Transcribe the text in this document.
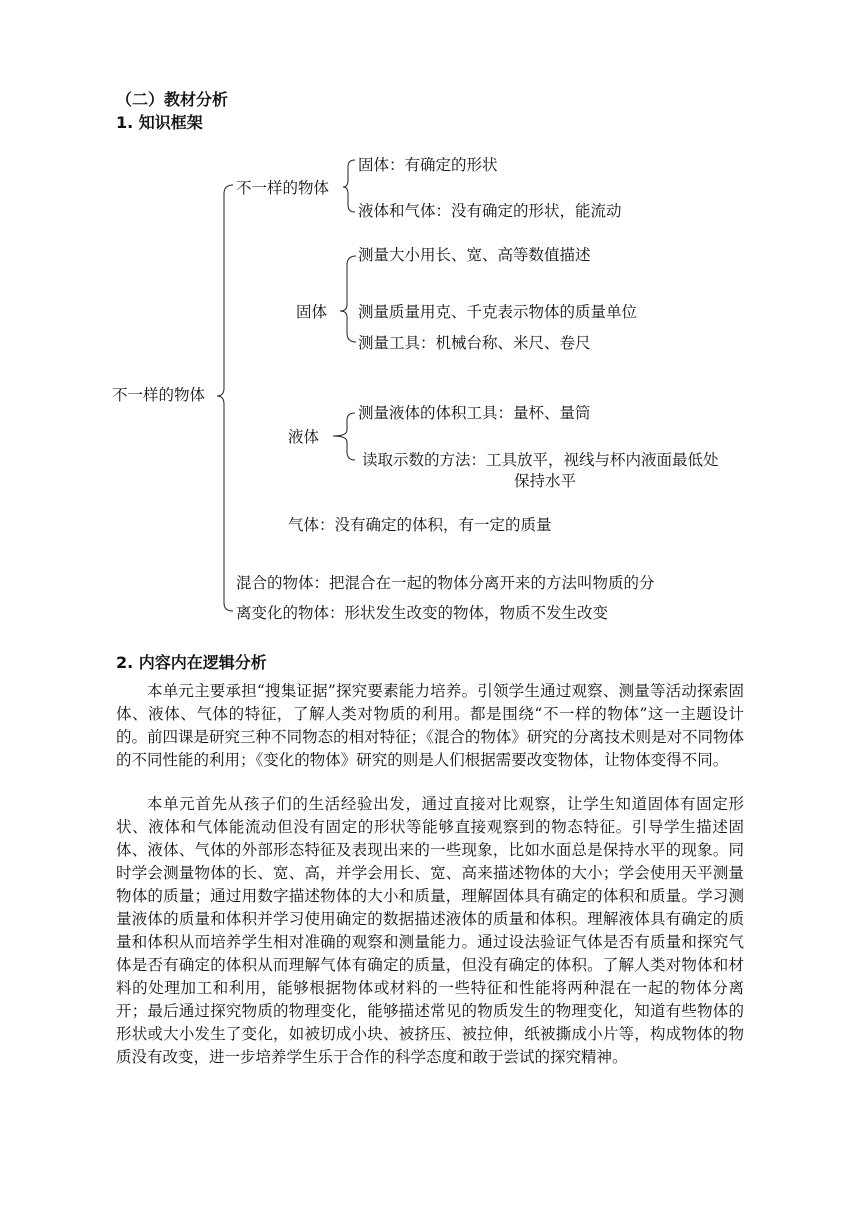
（二）教材分析
1. 知识框架
不一样的物体
不一样的物体
固体：有确定的形状
液体和气体：没有确定的形状，能流动
固体
测量大小用长、宽、高等数值描述
测量质量用克、千克表示物体的质量单位
测量工具：机械台称、米尺、卷尺
液体
测量液体的体积工具：量杯、量筒
读取示数的方法：工具放平，视线与杯内液面最低处
保持水平
气体：没有确定的体积，有一定的质量
混合的物体：把混合在一起的物体分离开来的方法叫物质的分
离变化的物体：形状发生改变的物体，物质不发生改变
2. 内容内在逻辑分析

本单元主要承担“搜集证据”探究要素能力培养。引领学生通过观察、测量等活动探索固体、液体、气体的特征，了解人类对物质的利用。都是围绕“不一样的物体”这一主题设计的。前四课是研究三种不同物态的相对特征；《混合的物体》研究的分离技术则是对不同物体的不同性能的利用；《变化的物体》研究的则是人们根据需要改变物体，让物体变得不同。

本单元首先从孩子们的生活经验出发，通过直接对比观察，让学生知道固体有固定形状、液体和气体能流动但没有固定的形状等能够直接观察到的物态特征。引导学生描述固体、液体、气体的外部形态特征及表现出来的一些现象，比如水面总是保持水平的现象。同时学会测量物体的长、宽、高，并学会用长、宽、高来描述物体的大小；学会使用天平测量物体的质量；通过用数字描述物体的大小和质量，理解固体具有确定的体积和质量。学习测量液体的质量和体积并学习使用确定的数据描述液体的质量和体积。理解液体具有确定的质量和体积从而培养学生相对准确的观察和测量能力。通过设法验证气体是否有质量和探究气体是否有确定的体积从而理解气体有确定的质量，但没有确定的体积。了解人类对物体和材料的处理加工和利用，能够根据物体或材料的一些特征和性能将两种混在一起的物体分离开；最后通过探究物质的物理变化，能够描述常见的物质发生的物理变化，知道有些物体的形状或大小发生了变化，如被切成小块、被挤压、被拉伸，纸被撕成小片等，构成物体的物质没有改变，进一步培养学生乐于合作的科学态度和敢于尝试的探究精神。
